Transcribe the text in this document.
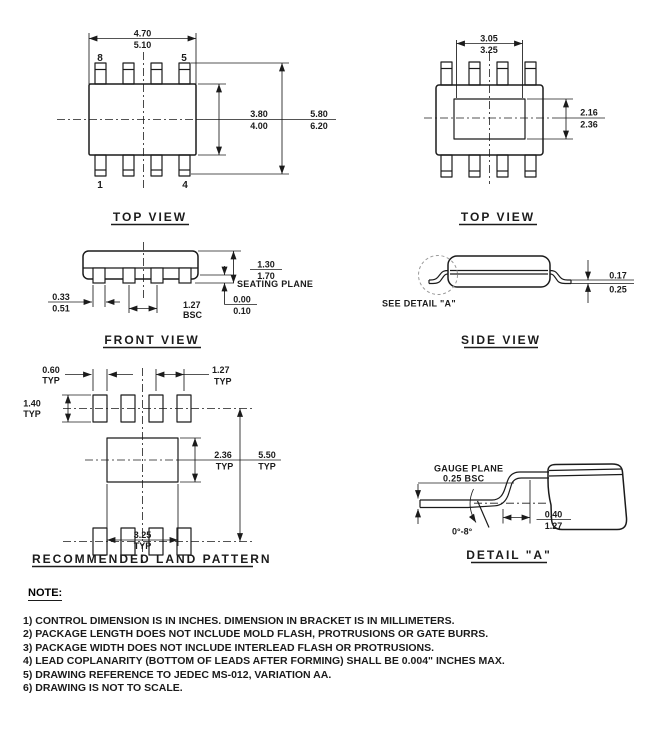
4.70
5.10
3.80
4.00
5.80
6.20
8	5
1	4
TOP VIEW
3.05
3.25
2.16
2.36
TOP VIEW
0.33
0.51	1.27
BSC
1.30
1.70
SEATING PLANE
0.00
0.10
FRONT VIEW
0.17
0.25
SEE DETAIL "A"
SIDE VIEW
0.60
TYP
1.27
TYP
1.40
TYP
2.36
TYP
5.50
TYP
3.25
TYP
RECOMMENDED LAND PATTERN
GAUGE PLANE
0.25 BSC
0°-8°
0.40
1.27
DETAIL "A"
NOTE:
1) CONTROL DIMENSION IS IN INCHES. DIMENSION IN BRACKET IS IN MILLIMETERS.
2) PACKAGE LENGTH DOES NOT INCLUDE MOLD FLASH, PROTRUSIONS OR GATE BURRS.
3) PACKAGE WIDTH DOES NOT INCLUDE INTERLEAD FLASH OR PROTRUSIONS.
4) LEAD COPLANARITY (BOTTOM OF LEADS AFTER FORMING) SHALL BE 0.004" INCHES MAX.
5) DRAWING REFERENCE TO JEDEC MS-012, VARIATION AA.
6) DRAWING IS NOT TO SCALE.
